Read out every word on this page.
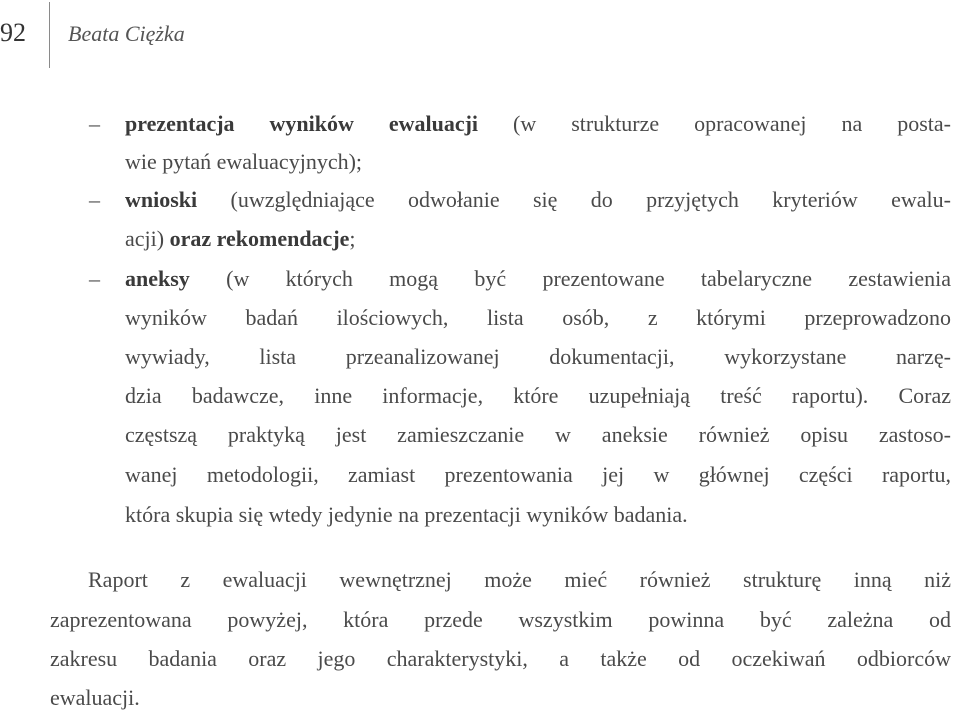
92 Beata Ciężka
– prezentacja wyników ewaluacji (w strukturze opracowanej na posta-
wie pytań ewaluacyjnych);
– wnioski (uwzględniające odwołanie się do przyjętych kryteriów ewalu-
acji) oraz rekomendacje;
– aneksy (w których mogą być prezentowane tabelaryczne zestawienia
wyników badań ilościowych, lista osób, z którymi przeprowadzono
wywiady, lista przeanalizowanej dokumentacji, wykorzystane narzę-
dzia badawcze, inne informacje, które uzupełniają treść raportu). Coraz
częstszą praktyką jest zamieszczanie w aneksie również opisu zastoso-
wanej metodologii, zamiast prezentowania jej w głównej części raportu,
która skupia się wtedy jedynie na prezentacji wyników badania.
Raport z ewaluacji wewnętrznej może mieć również strukturę inną niż
zaprezentowana powyżej, która przede wszystkim powinna być zależna od
zakresu badania oraz jego charakterystyki, a także od oczekiwań odbiorców
ewaluacji.
